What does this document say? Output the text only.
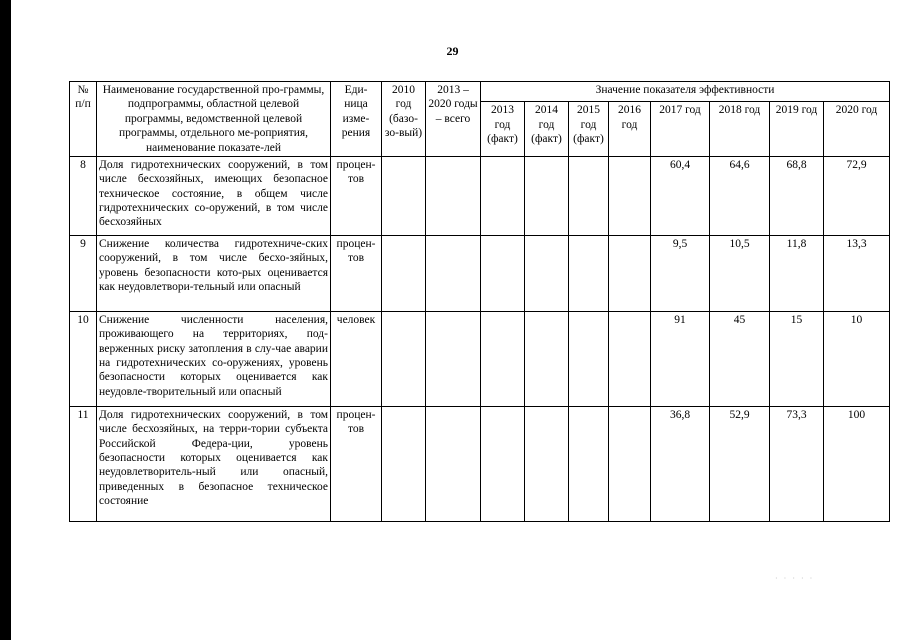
29
№ п/п	Наименование государственной про-граммы, подпрограммы, областной целевой программы, ведомственной целевой программы, отдельного ме-роприятия, наименование показате-лей	Еди-ница изме-рения	2010 год (базо-зо-вый)	2013 – 2020 годы – всего	Значение показателя эффективности							
					2013 год (факт)	2014 год (факт)	2015 год (факт)	2016 год	2017 год	2018 год	2019 год	2020 год
8	Доля гидротехнических сооружений, в том числе бесхозяйных, имеющих безопасное техническое состояние, в общем числе гидротехнических со-оружений, в том числе бесхозяйных	процен-тов							60,4	64,6	68,8	72,9
9	Снижение количества гидротехниче-ских сооружений, в том числе бесхо-зяйных, уровень безопасности кото-рых оценивается как неудовлетвори-тельный или опасный	процен-тов							9,5	10,5	11,8	13,3
10	Снижение численности населения, проживающего на территориях, под-верженных риску затопления в слу-чае аварии на гидротехнических со-оружениях, уровень безопасности которых оценивается как неудовле-творительный или опасный	человек							91	45	15	10
11	Доля гидротехнических сооружений, в том числе бесхозяйных, на терри-тории субъекта Российской Федера-ции, уровень безопасности которых оценивается как неудовлетворитель-ный или опасный, приведенных в безопасное техническое состояние	процен-тов							36,8	52,9	73,3	100
· · · · ·
